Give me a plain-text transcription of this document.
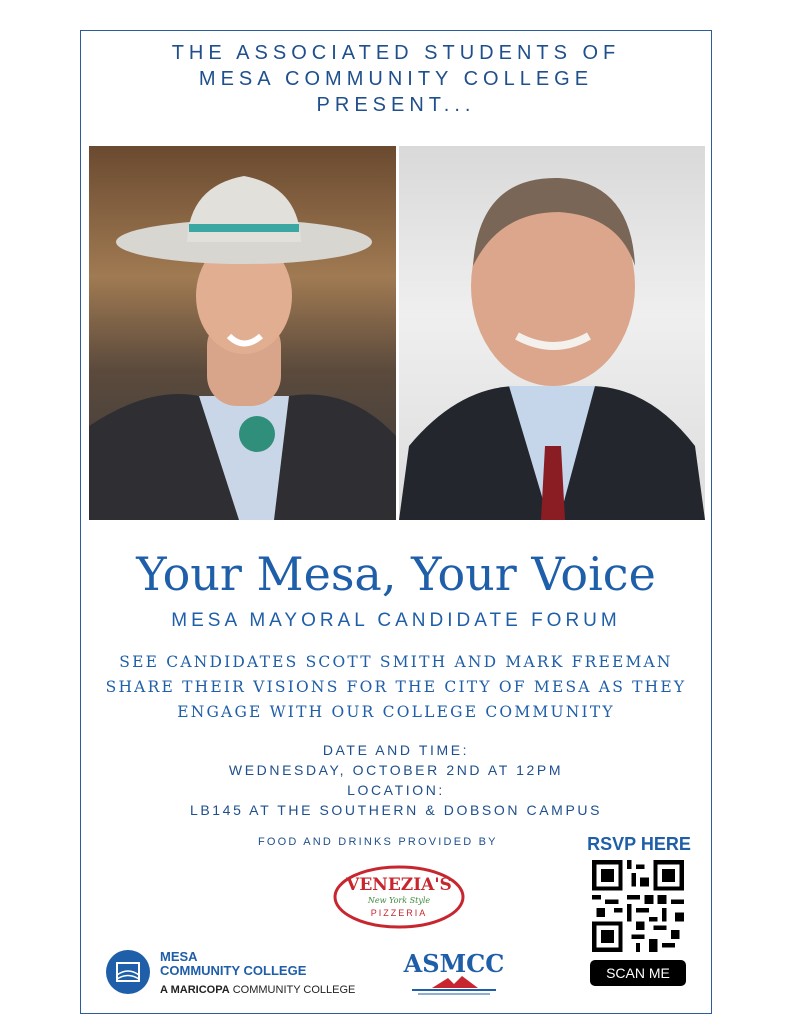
THE ASSOCIATED STUDENTS OF
MESA COMMUNITY COLLEGE
PRESENT...
Your Mesa, Your Voice
MESA MAYORAL CANDIDATE FORUM
SEE CANDIDATES SCOTT SMITH AND MARK FREEMAN
SHARE THEIR VISIONS FOR THE CITY OF MESA AS THEY
ENGAGE WITH OUR COLLEGE COMMUNITY
DATE AND TIME:
WEDNESDAY, OCTOBER 2ND AT 12PM
LOCATION:
LB145 AT THE SOUTHERN & DOBSON CAMPUS
FOOD AND DRINKS PROVIDED BY
VENEZIA'S
New York Style
PIZZERIA
RSVP HERE
SCAN ME
MESA
COMMUNITY COLLEGE
A MARICOPA COMMUNITY COLLEGE
ASMCC
